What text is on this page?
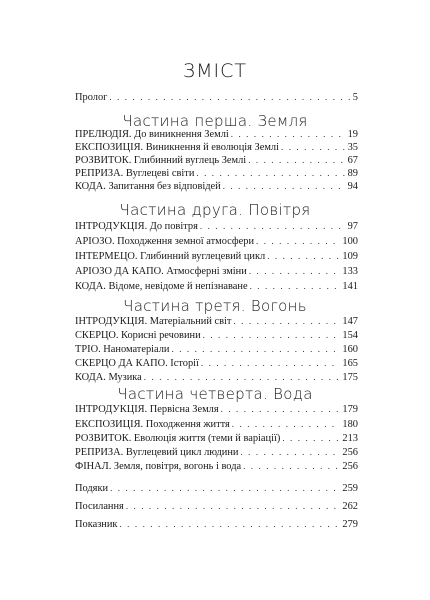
ЗМІСТ
Пролог . . .	5
Частина перша. Земля
ПРЕЛЮДІЯ. До виникнення Землі . . .	19
ЕКСПОЗИЦІЯ. Виникнення й еволюція Землі . . .	35
РОЗВИТОК. Глибинний вуглець Землі . . .	67
РЕПРИЗА. Вуглецеві світи . . .	89
КОДА. Запитання без відповідей . . .	94
Частина друга. Повітря
ІНТРОДУКЦІЯ. До повітря . . .	97
АРІОЗО. Походження земної атмосфери . . .	100
ІНТЕРМЕЦО. Глибинний вуглецевий цикл . . .	109
АРІОЗО ДА КАПО. Атмосферні зміни . . .	133
КОДА. Відоме, невідоме й непізнаване . . .	141
Частина третя. Вогонь
ІНТРОДУКЦІЯ. Матеріальний світ . . .	147
СКЕРЦО. Корисні речовини . . .	154
ТРІО. Наноматеріали . . .	160
СКЕРЦО ДА КАПО. Історії . . .	165
КОДА. Музика . . .	175
Частина четверта. Вода
ІНТРОДУКЦІЯ. Первісна Земля . . .	179
ЕКСПОЗИЦІЯ. Походження життя . . .	180
РОЗВИТОК. Еволюція життя (теми й варіації) . . .	213
РЕПРИЗА. Вуглецевий цикл людини . . .	256
ФІНАЛ. Земля, повітря, вогонь і вода . . .	256
Подяки . . .	259
Посилання . . .	262
Показник . . .	279
